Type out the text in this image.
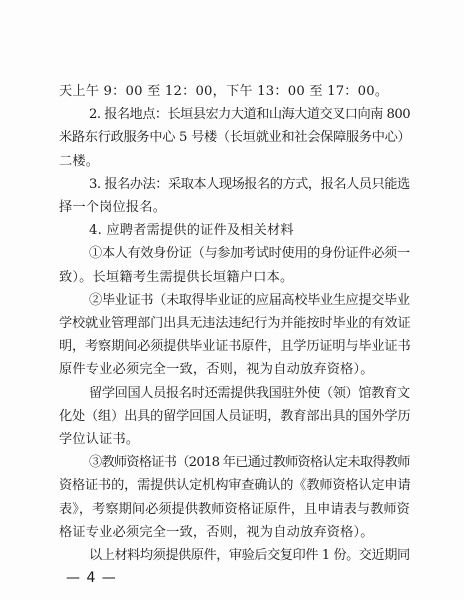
天上午 9：00 至 12：00，下午 13：00 至 17：00。
2. 报名地点：长垣县宏力大道和山海大道交叉口向南 800
米路东行政服务中心 5 号楼（长垣就业和社会保障服务中心）
二楼。
3. 报名办法：采取本人现场报名的方式，报名人员只能选
择一个岗位报名。
4. 应聘者需提供的证件及相关材料
①本人有效身份证（与参加考试时使用的身份证件必须一
致）。长垣籍考生需提供长垣籍户口本。
②毕业证书（未取得毕业证的应届高校毕业生应提交毕业
学校就业管理部门出具无违法违纪行为并能按时毕业的有效证
明，考察期间必须提供毕业证书原件，且学历证明与毕业证书
原件专业必须完全一致，否则，视为自动放弃资格）。
留学回国人员报名时还需提供我国驻外使（领）馆教育文
化处（组）出具的留学回国人员证明，教育部出具的国外学历
学位认证书。
③教师资格证书（2018 年已通过教师资格认定未取得教师
资格证书的，需提供认定机构审查确认的《教师资格认定申请
表》，考察期间必须提供教师资格证原件，且申请表与教师资
格证专业必须完全一致，否则，视为自动放弃资格）。
以上材料均须提供原件，审验后交复印件 1 份。交近期同
— 4 —
